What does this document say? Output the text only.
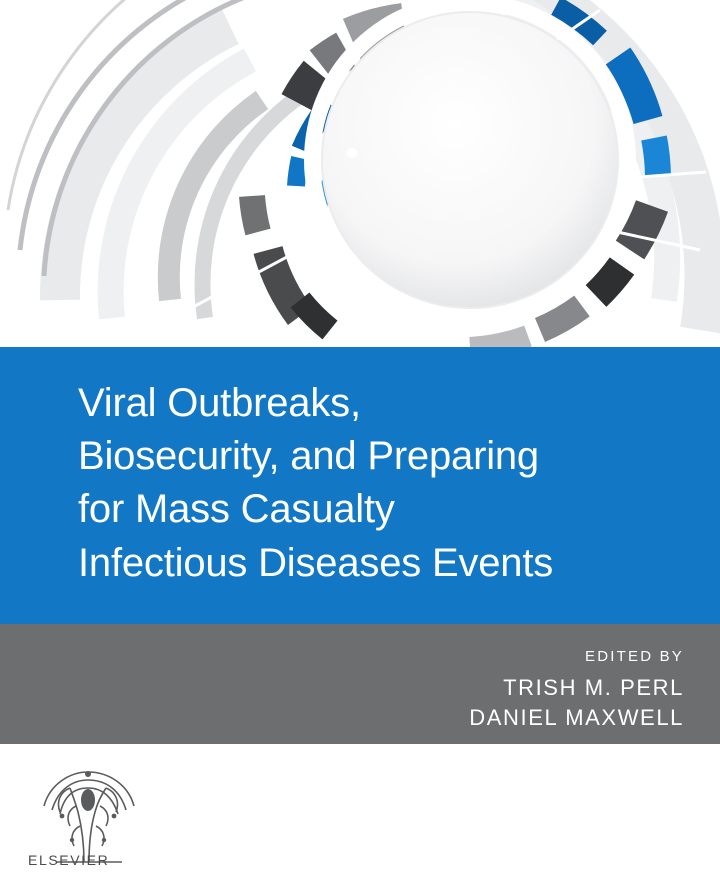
Viral Outbreaks,
Biosecurity, and Preparing
for Mass Casualty
Infectious Diseases Events

EDITED BY

TRISH M. PERL

DANIEL MAXWELL

ELSEVIER
